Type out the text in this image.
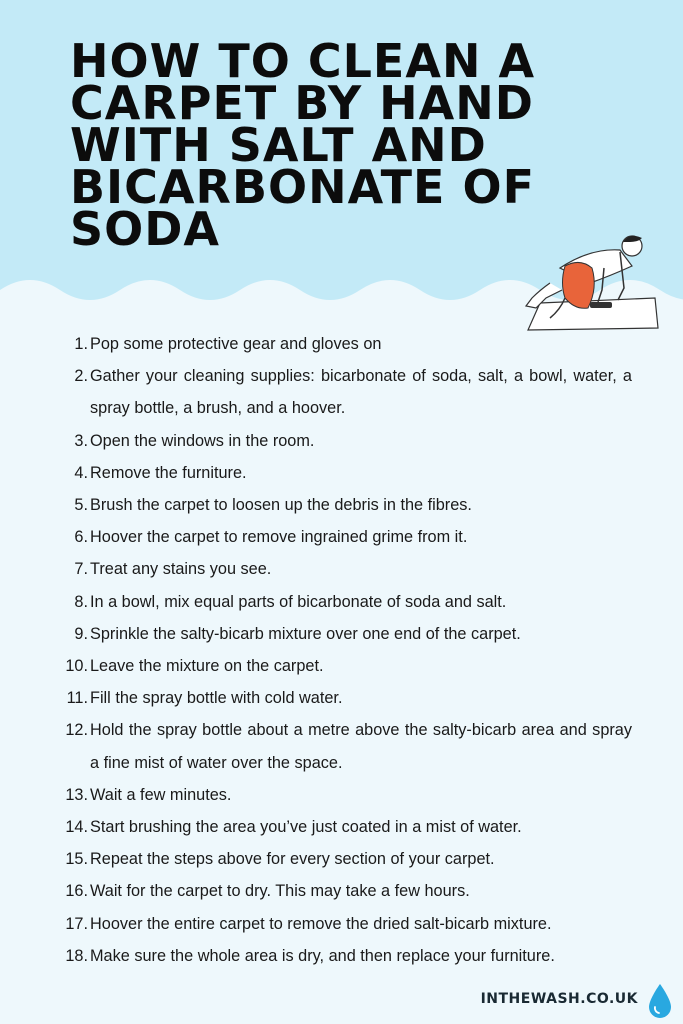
HOW TO CLEAN A CARPET BY HAND WITH SALT AND BICARBONATE OF SODA
1. Pop some protective gear and gloves on
2. Gather your cleaning supplies: bicarbonate of soda, salt, a bowl, water, a spray bottle, a brush, and a hoover.
3. Open the windows in the room.
4. Remove the furniture.
5. Brush the carpet to loosen up the debris in the fibres.
6. Hoover the carpet to remove ingrained grime from it.
7. Treat any stains you see.
8. In a bowl, mix equal parts of bicarbonate of soda and salt.
9. Sprinkle the salty-bicarb mixture over one end of the carpet.
10. Leave the mixture on the carpet.
11. Fill the spray bottle with cold water.
12. Hold the spray bottle about a metre above the salty-bicarb area and spray a fine mist of water over the space.
13. Wait a few minutes.
14. Start brushing the area you’ve just coated in a mist of water.
15. Repeat the steps above for every section of your carpet.
16. Wait for the carpet to dry. This may take a few hours.
17. Hoover the entire carpet to remove the dried salt-bicarb mixture.
18. Make sure the whole area is dry, and then replace your furniture.
INTHEWASH.CO.UK
